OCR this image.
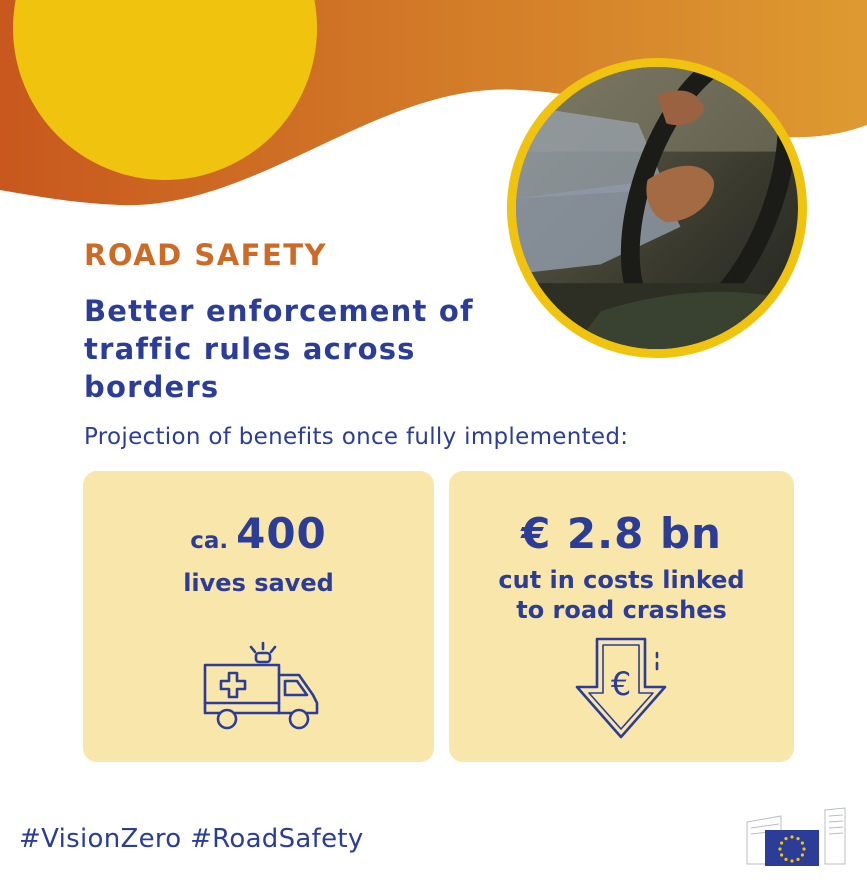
ROAD SAFETY
Better enforcement of traffic rules across borders

Projection of benefits once fully implemented:

ca. 400
lives saved
€ 2.8 bn
cut in costs linked
to road crashes
€

#VisionZero #RoadSafety
